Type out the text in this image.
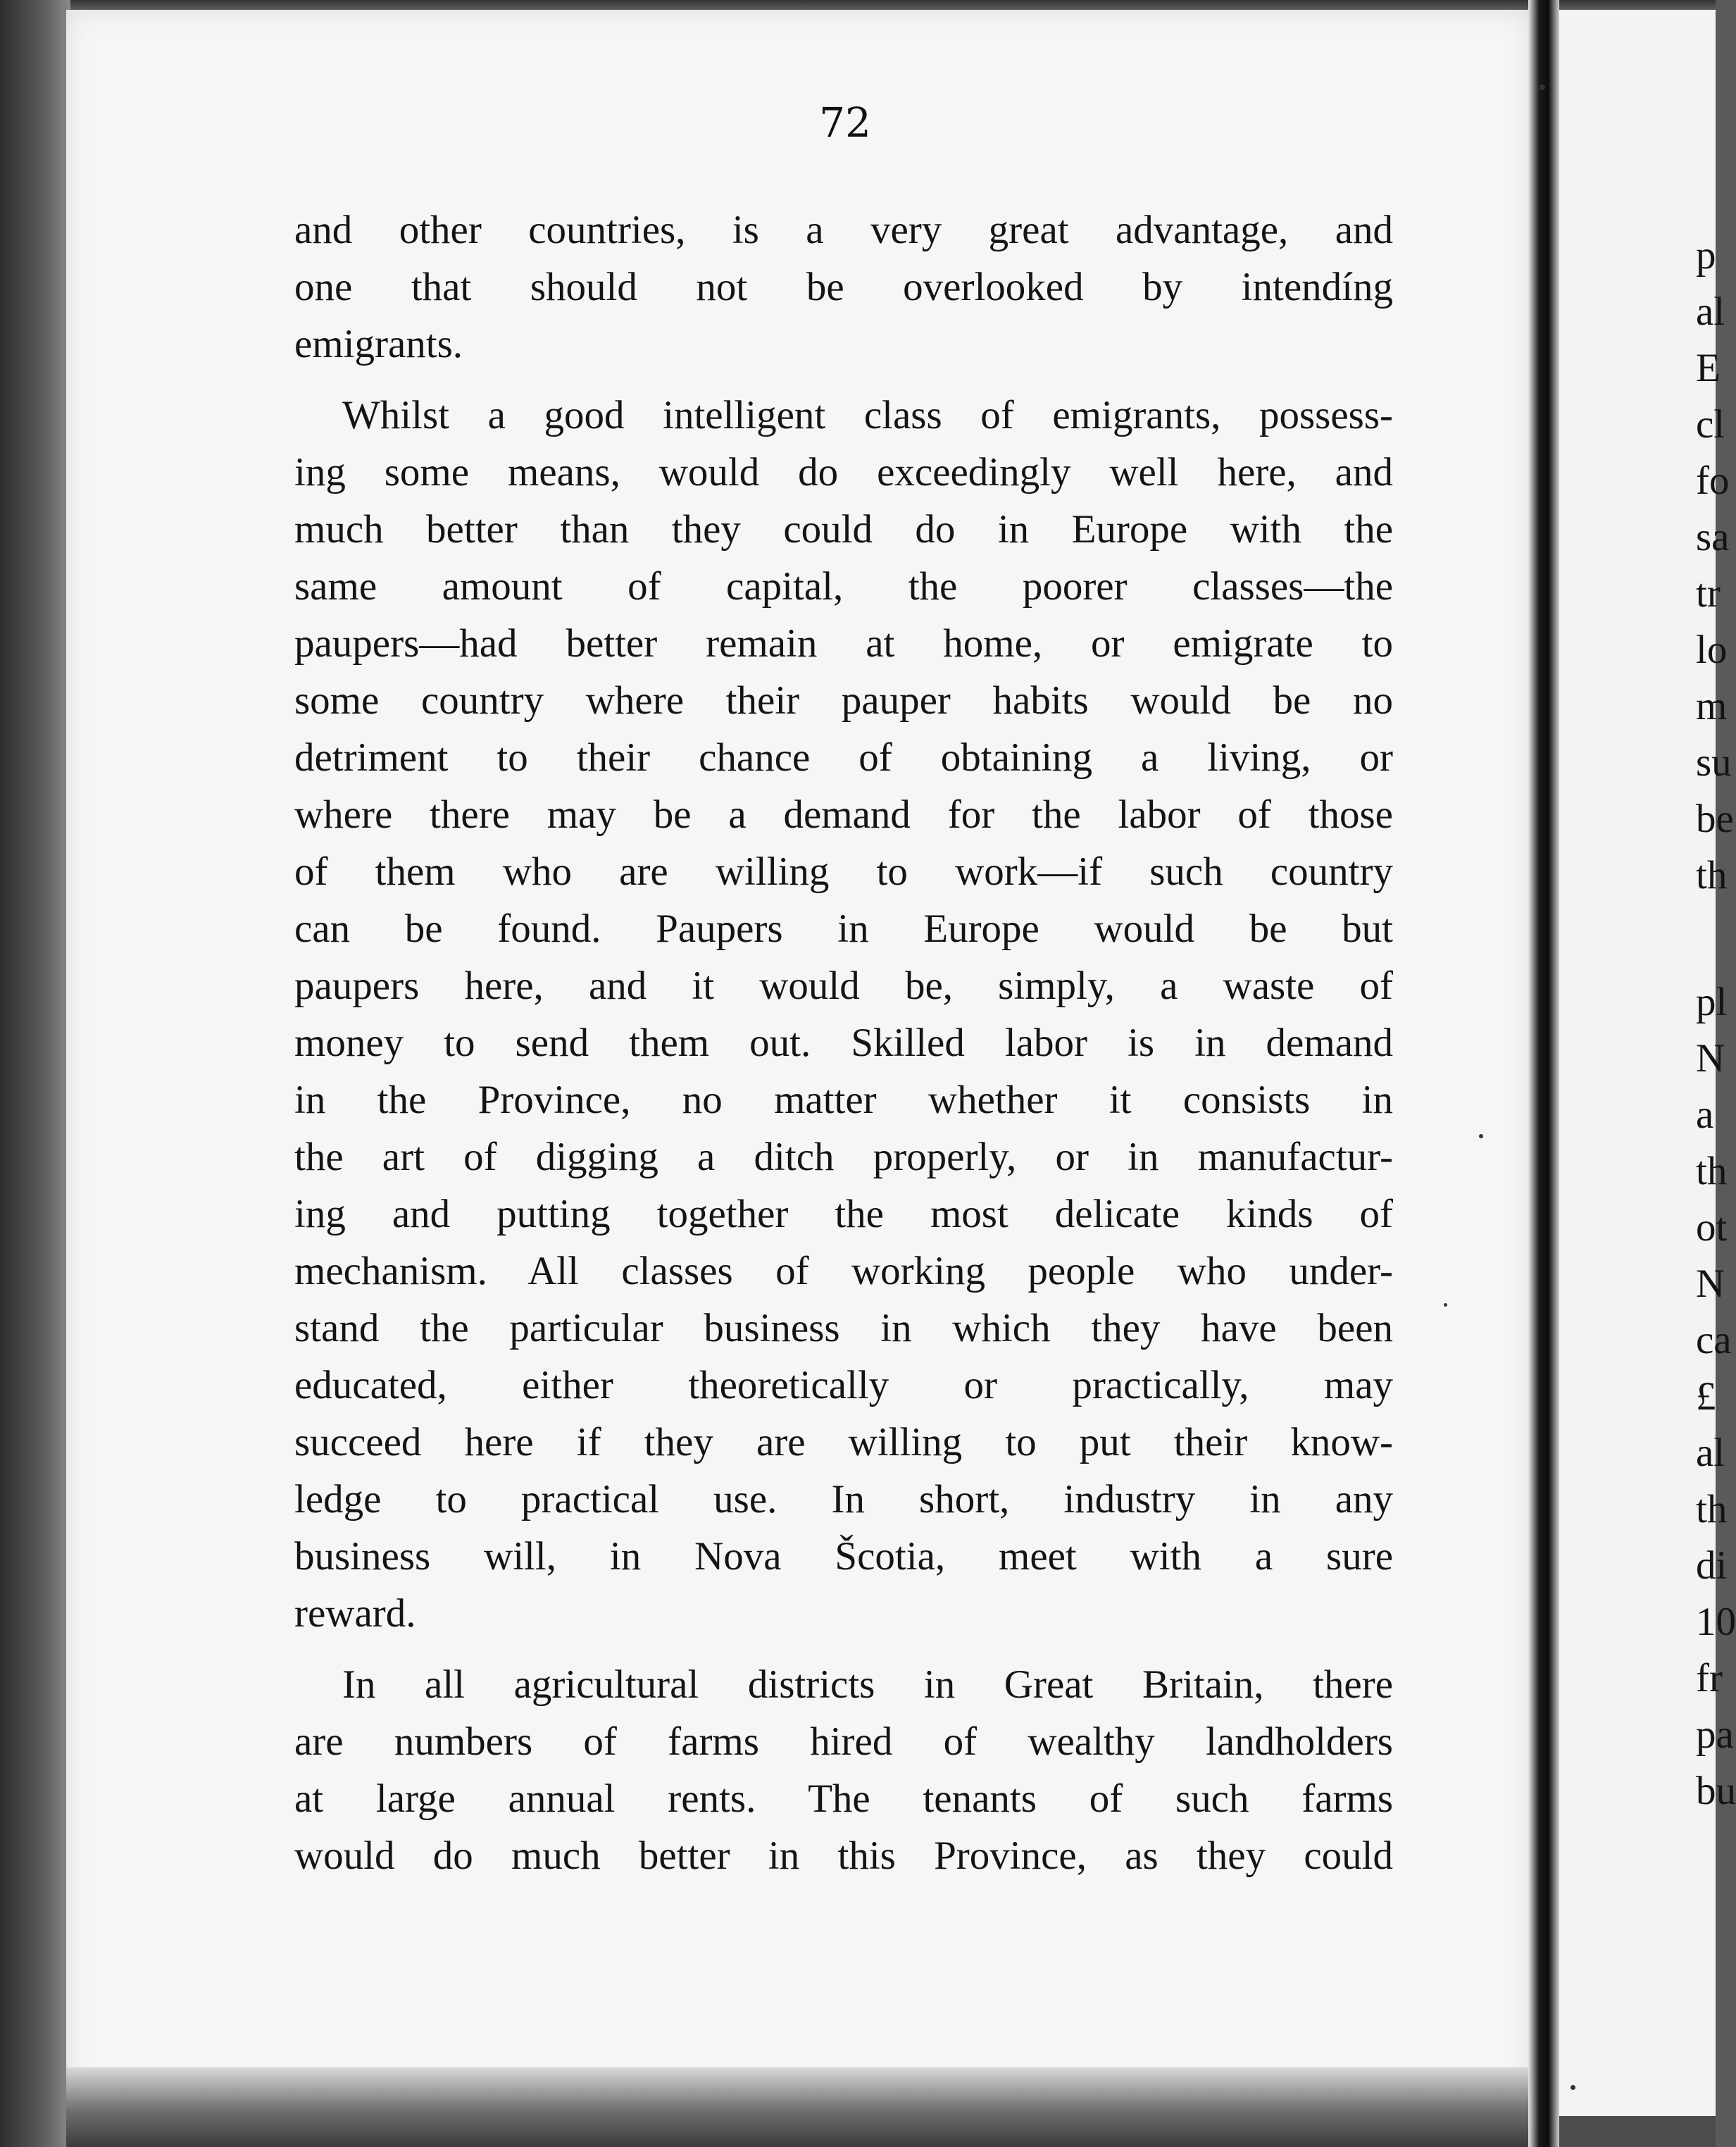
72

and other countries, is a very great advantage, and
one that should not be overlooked by intendíng
emigrants.

Whilst a good intelligent class of emigrants, possess-
ing some means, would do exceedingly well here, and
much better than they could do in Europe with the
same amount of capital, the poorer classes—the
paupers—had better remain at home, or emigrate to
some country where their pauper habits would be no
detriment to their chance of obtaining a living, or
where there may be a demand for the labor of those
of them who are willing to work—if such country
can be found. Paupers in Europe would be but
paupers here, and it would be, simply, a waste of
money to send them out. Skilled labor is in demand
in the Province, no matter whether it consists in
the art of digging a ditch properly, or in manufactur-
ing and putting together the most delicate kinds of
mechanism. All classes of working people who under-
stand the particular business in which they have been
educated, either theoretically or practically, may
succeed here if they are willing to put their know-
ledge to practical use. In short, industry in any
business will, in Nova Šcotia, meet with a sure
reward.

In all agricultural districts in Great Britain, there
are numbers of farms hired of wealthy landholders
at large annual rents. The tenants of such farms
would do much better in this Province, as they could

p
al
E
cl
fo
sa
tr
lo
m
su
be
th
pl
N
a
th
ot
N
ca
£
al
th
di
10
fr
pa
bu
